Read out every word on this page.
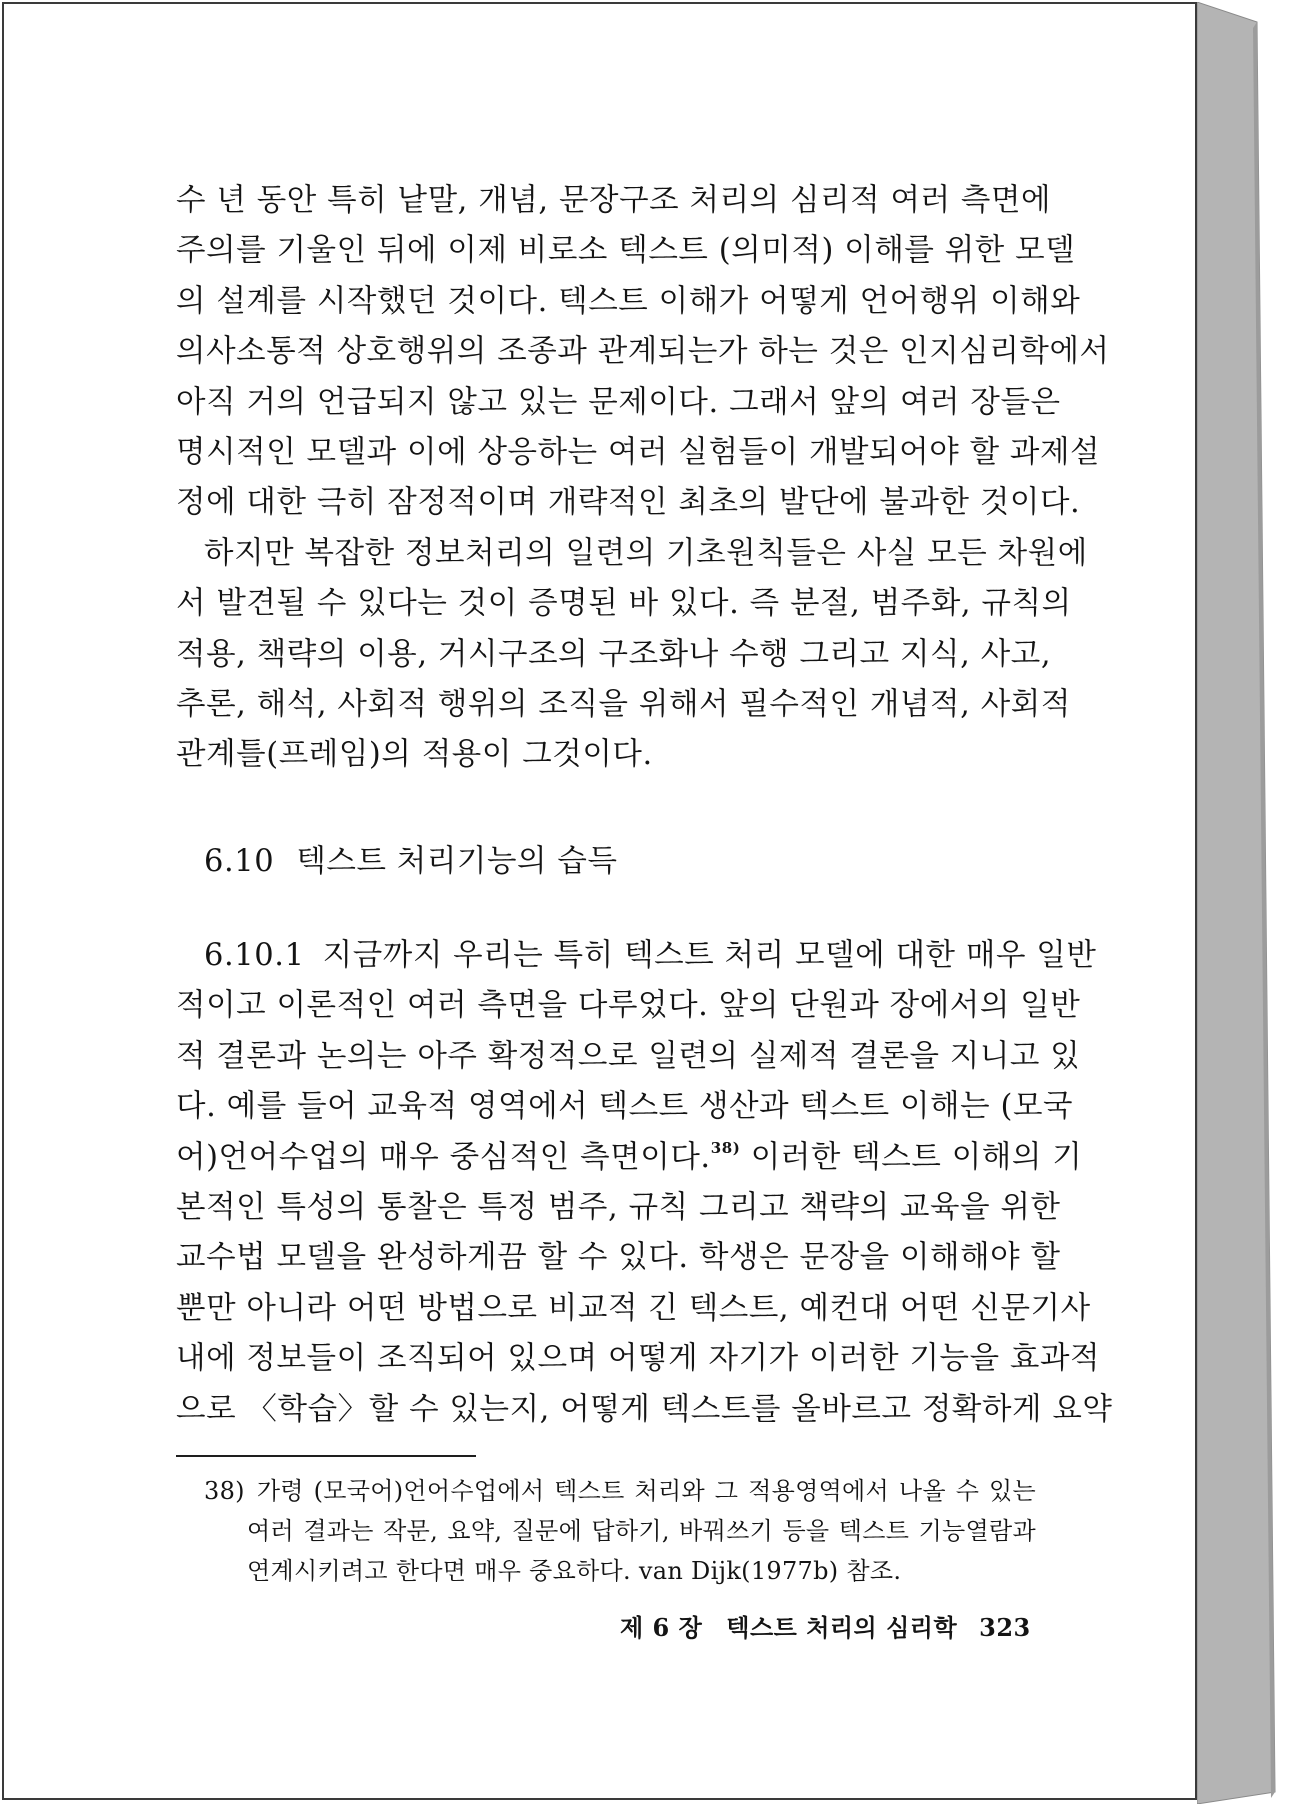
수 년 동안 특히 낱말, 개념, 문장구조 처리의 심리적 여러 측면에
주의를 기울인 뒤에 이제 비로소 텍스트 (의미적) 이해를 위한 모델
의 설계를 시작했던 것이다. 텍스트 이해가 어떻게 언어행위 이해와
의사소통적 상호행위의 조종과 관계되는가 하는 것은 인지심리학에서
아직 거의 언급되지 않고 있는 문제이다. 그래서 앞의 여러 장들은
명시적인 모델과 이에 상응하는 여러 실험들이 개발되어야 할 과제설
정에 대한 극히 잠정적이며 개략적인 최초의 발단에 불과한 것이다.

하지만 복잡한 정보처리의 일련의 기초원칙들은 사실 모든 차원에
서 발견될 수 있다는 것이 증명된 바 있다. 즉 분절, 범주화, 규칙의
적용, 책략의 이용, 거시구조의 구조화나 수행 그리고 지식, 사고,
추론, 해석, 사회적 행위의 조직을 위해서 필수적인 개념적, 사회적
관계틀(프레임)의 적용이 그것이다.

6.10 텍스트 처리기능의 습득

6.10.1 지금까지 우리는 특히 텍스트 처리 모델에 대한 매우 일반
적이고 이론적인 여러 측면을 다루었다. 앞의 단원과 장에서의 일반
적 결론과 논의는 아주 확정적으로 일련의 실제적 결론을 지니고 있
다. 예를 들어 교육적 영역에서 텍스트 생산과 텍스트 이해는 (모국
어)언어수업의 매우 중심적인 측면이다.$^{38)}$ 이러한 텍스트 이해의 기
본적인 특성의 통찰은 특정 범주, 규칙 그리고 책략의 교육을 위한
교수법 모델을 완성하게끔 할 수 있다. 학생은 문장을 이해해야 할
뿐만 아니라 어떤 방법으로 비교적 긴 텍스트, 예컨대 어떤 신문기사
내에 정보들이 조직되어 있으며 어떻게 자기가 이러한 기능을 효과적
으로 〈학습〉할 수 있는지, 어떻게 텍스트를 올바르고 정확하게 요약

38) 가령 (모국어)언어수업에서 텍스트 처리와 그 적용영역에서 나올 수 있는
여러 결과는 작문, 요약, 질문에 답하기, 바꿔쓰기 등을 텍스트 기능열람과
연계시키려고 한다면 매우 중요하다. van Dijk(1977b) 참조.
제 6 장 텍스트 처리의 심리학 323
